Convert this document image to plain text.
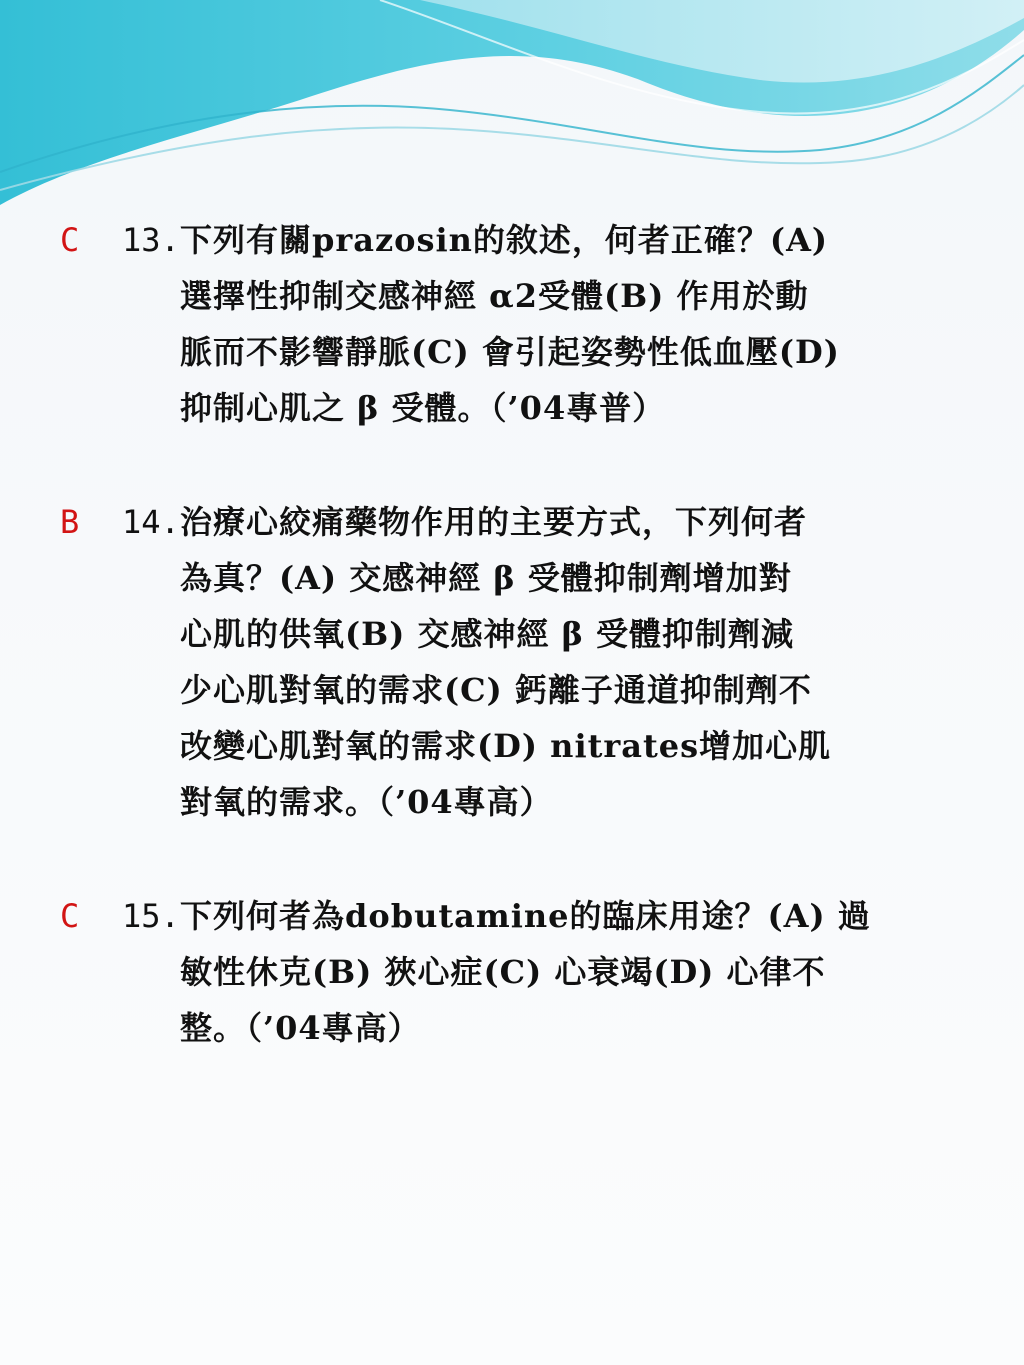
C 13. 下列有關prazosin的敘述，何者正確？(A)
選擇性抑制交感神經 α2受體(B) 作用於動
脈而不影響靜脈(C) 會引起姿勢性低血壓(D)
抑制心肌之 β 受體。（’04專普）
B 14. 治療心絞痛藥物作用的主要方式，下列何者
為真？(A) 交感神經 β 受體抑制劑增加對
心肌的供氧(B) 交感神經 β 受體抑制劑減
少心肌對氧的需求(C) 鈣離子通道抑制劑不
改變心肌對氧的需求(D) nitrates增加心肌
對氧的需求。（’04專高）
C 15. 下列何者為dobutamine的臨床用途？(A) 過
敏性休克(B) 狹心症(C) 心衰竭(D) 心律不
整。（’04專高）
